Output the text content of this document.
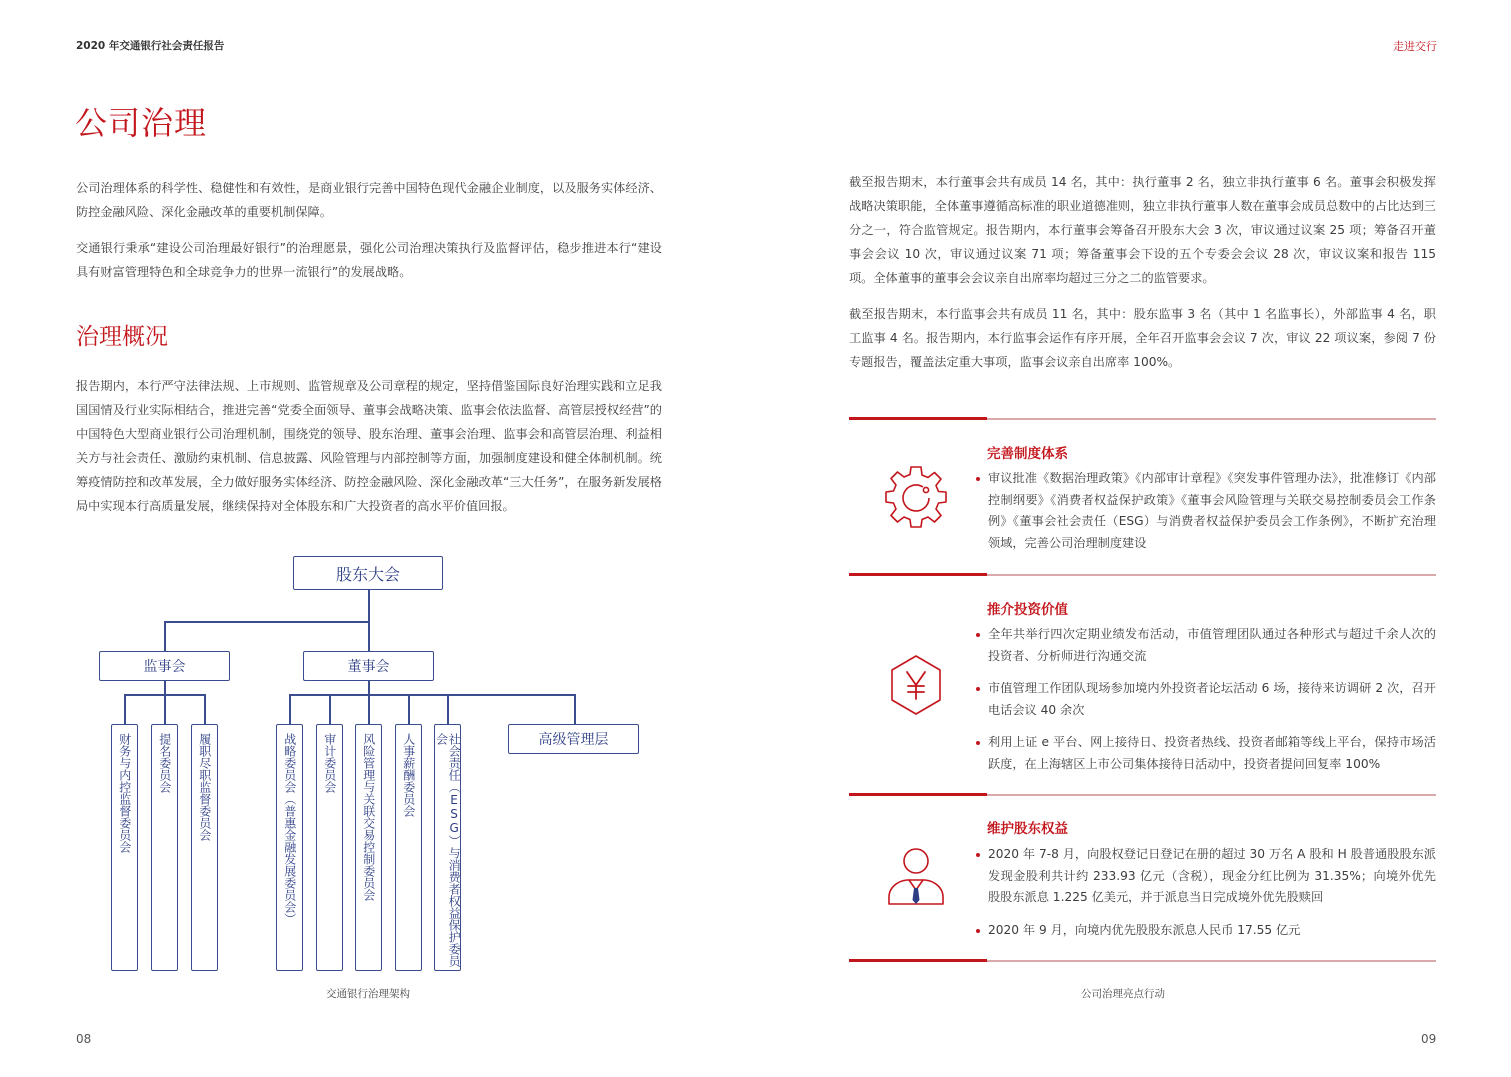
2020 年交通银行社会责任报告	走进交行
公司治理

公司治理体系的科学性、稳健性和有效性，是商业银行完善中国特色现代金融企业制度，以及服务实体经济、防控金融风险、深化金融改革的重要机制保障。

交通银行秉承“建设公司治理最好银行”的治理愿景，强化公司治理决策执行及监督评估，稳步推进本行“建设具有财富管理特色和全球竞争力的世界一流银行”的发展战略。

治理概况

报告期内，本行严守法律法规、上市规则、监管规章及公司章程的规定，坚持借鉴国际良好治理实践和立足我国国情及行业实际相结合，推进完善“党委全面领导、董事会战略决策、监事会依法监督、高管层授权经营”的中国特色大型商业银行公司治理机制，围绕党的领导、股东治理、董事会治理、监事会和高管层治理、利益相关方与社会责任、激励约束机制、信息披露、风险管理与内部控制等方面，加强制度建设和健全体制机制。统筹疫情防控和改革发展，全力做好服务实体经济、防控金融风险、深化金融改革“三大任务”，在服务新发展格局中实现本行高质量发展，继续保持对全体股东和广大投资者的高水平价值回报。

股东大会
监事会	董事会
高级管理层
财务与内控监督委员会	提名委员会	履职尽职监督委员会	战略委员会（普惠金融发展委员会）	审计委员会	风险管理与关联交易控制委员会	人事薪酬委员会	社会责任（ESG）与消费者权益保护委员会
交通银行治理架构
08

截至报告期末，本行董事会共有成员 14 名，其中：执行董事 2 名，独立非执行董事 6 名。董事会积极发挥战略决策职能，全体董事遵循高标准的职业道德准则，独立非执行董事人数在董事会成员总数中的占比达到三分之一，符合监管规定。报告期内，本行董事会筹备召开股东大会 3 次，审议通过议案 25 项；筹备召开董事会会议 10 次，审议通过议案 71 项；筹备董事会下设的五个专委会会议 28 次，审议议案和报告 115 项。全体董事的董事会会议亲自出席率均超过三分之二的监管要求。

截至报告期末，本行监事会共有成员 11 名，其中：股东监事 3 名（其中 1 名监事长），外部监事 4 名，职工监事 4 名。报告期内，本行监事会运作有序开展，全年召开监事会会议 7 次，审议 22 项议案，参阅 7 份专题报告，覆盖法定重大事项，监事会议亲自出席率 100%。

完善制度体系

审议批准《数据治理政策》《内部审计章程》《突发事件管理办法》，批准修订《内部控制纲要》《消费者权益保护政策》《董事会风险管理与关联交易控制委员会工作条例》《董事会社会责任（ESG）与消费者权益保护委员会工作条例》，不断扩充治理领域，完善公司治理制度建设

推介投资价值

全年共举行四次定期业绩发布活动，市值管理团队通过各种形式与超过千余人次的投资者、分析师进行沟通交流

市值管理工作团队现场参加境内外投资者论坛活动 6 场，接待来访调研 2 次，召开电话会议 40 余次

利用上证 e 平台、网上接待日、投资者热线、投资者邮箱等线上平台，保持市场活跃度，在上海辖区上市公司集体接待日活动中，投资者提问回复率 100%

维护股东权益

2020 年 7-8 月，向股权登记日登记在册的超过 30 万名 A 股和 H 股普通股股东派发现金股利共计约 233.93 亿元（含税），现金分红比例为 31.35%；向境外优先股股东派息 1.225 亿美元，并于派息当日完成境外优先股赎回

2020 年 9 月，向境内优先股股东派息人民币 17.55 亿元

公司治理亮点行动
09
